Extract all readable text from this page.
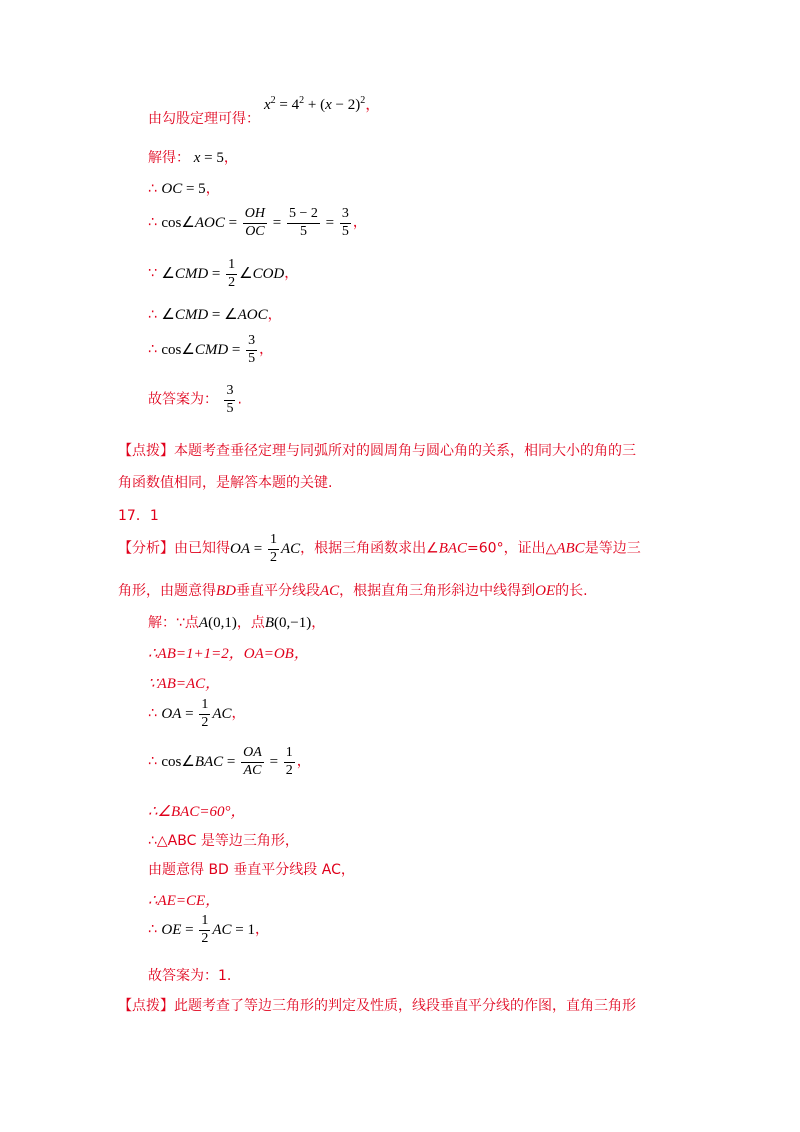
由勾股定理可得：
$x^2 = 4^2 + (x - 2)^2$，
解得： x = 5，
∴ OC = 5，
∴ cos∠AOC = $\frac{OH}{OC} = \frac{5 - 2}{5} = \frac{3}{5}$ ，
∵ ∠CMD = $\frac{1}{2}$ ∠COD，
∴ ∠CMD = ∠AOC，
∴ cos∠CMD = $\frac{3}{5}$ ，
故答案为： $\frac{3}{5}$ .
【点拨】本题考查垂径定理与同弧所对的圆周角与圆心角的关系，相同大小的角的三
角函数值相同，是解答本题的关键.
17．1
【分析】由已知得OA = $\frac{1}{2}$ AC，根据三角函数求出∠BAC=60°，证出△ABC是等边三
角形，由题意得BD垂直平分线段AC，根据直角三角形斜边中线得到OE的长.
解：∵点A(0,1)，点B(0,−1)，
∴AB=1+1=2，OA=OB，
∵AB=AC，
∴ OA = $\frac{1}{2}$ AC，
∴ cos∠BAC = $\frac{OA}{AC} = \frac{1}{2}$ ，
∴∠BAC=60°，
∴△ABC 是等边三角形，
由题意得 BD 垂直平分线段 AC，
∴AE=CE，
∴ OE = $\frac{1}{2}$ AC = 1，
故答案为：1.
【点拨】此题考查了等边三角形的判定及性质，线段垂直平分线的作图，直角三角形
